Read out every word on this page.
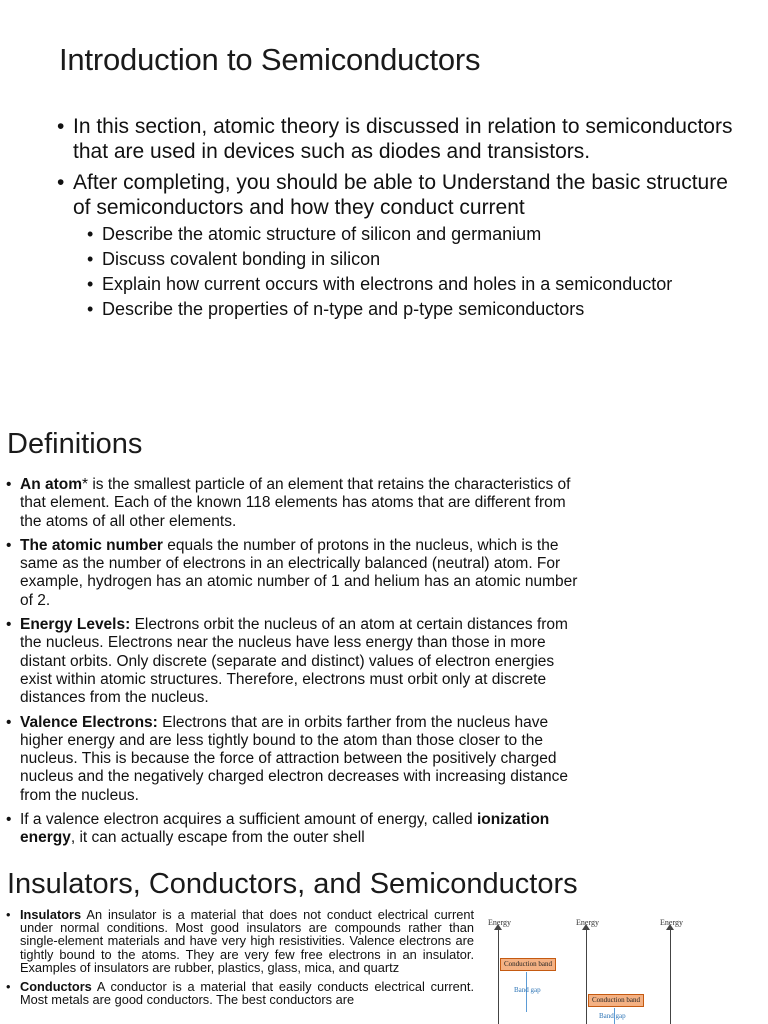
Introduction to Semiconductors
• In this section, atomic theory is discussed in relation to semiconductors that are used in devices such as diodes and transistors.
• After completing, you should be able to Understand the basic structure of semiconductors and how they conduct current
• Describe the atomic structure of silicon and germanium
• Discuss covalent bonding in silicon
• Explain how current occurs with electrons and holes in a semiconductor
• Describe the properties of n-type and p-type semiconductors
Definitions
• An atom* is the smallest particle of an element that retains the characteristics of that element. Each of the known 118 elements has atoms that are different from the atoms of all other elements.
• The atomic number equals the number of protons in the nucleus, which is the same as the number of electrons in an electrically balanced (neutral) atom. For example, hydrogen has an atomic number of 1 and helium has an atomic number of 2.
• Energy Levels: Electrons orbit the nucleus of an atom at certain distances from the nucleus. Electrons near the nucleus have less energy than those in more distant orbits. Only discrete (separate and distinct) values of electron energies exist within atomic structures. Therefore, electrons must orbit only at discrete distances from the nucleus.
• Valence Electrons: Electrons that are in orbits farther from the nucleus have higher energy and are less tightly bound to the atom than those closer to the nucleus. This is because the force of attraction between the positively charged nucleus and the negatively charged electron decreases with increasing distance from the nucleus.
• If a valence electron acquires a sufficient amount of energy, called ionization energy, it can actually escape from the outer shell
Insulators, Conductors, and Semiconductors
• Insulators An insulator is a material that does not conduct electrical current under normal conditions. Most good insulators are compounds rather than single-element materials and have very high resistivities. Valence electrons are tightly bound to the atoms. They are very few free electrons in an insulator. Examples of insulators are rubber, plastics, glass, mica, and quartz
• Conductors A conductor is a material that easily conducts electrical current. Most metals are good conductors. The best conductors are
Energy
Conduction band
Band gap
Energy
Conduction band
Band gap
Energy
